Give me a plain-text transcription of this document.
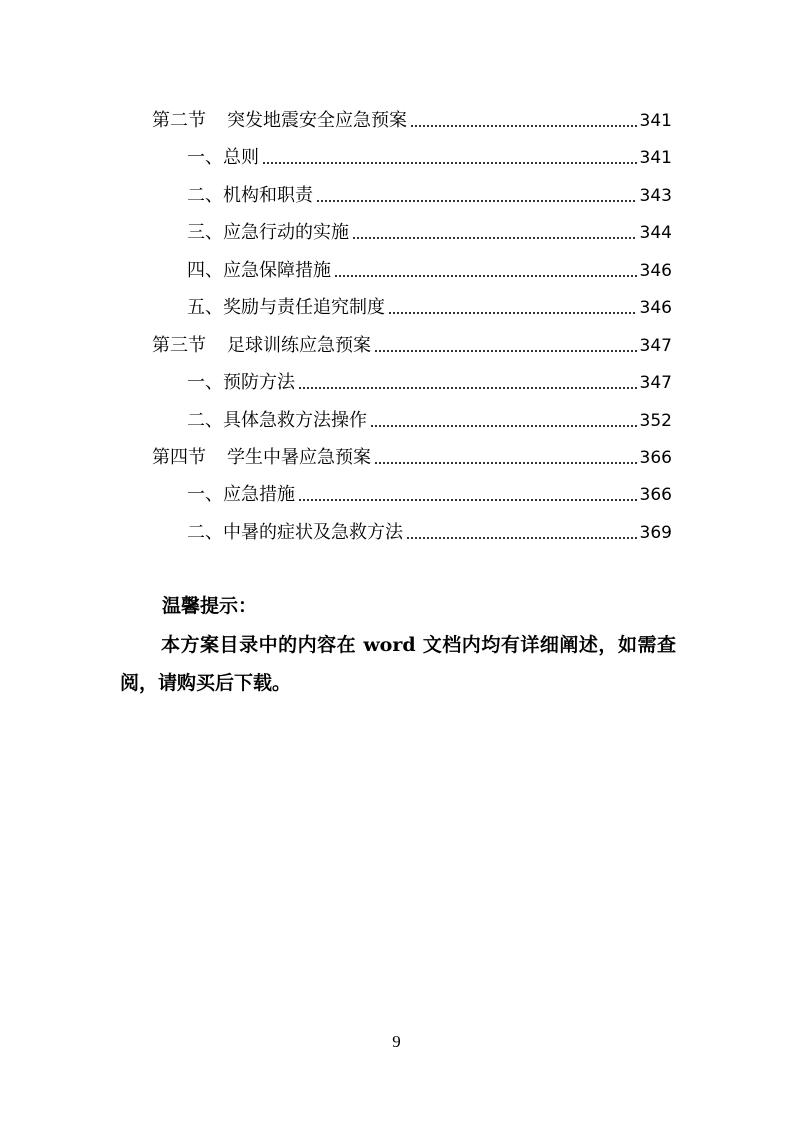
第二节	突发地震安全应急预案	341
一、总则	341
二、机构和职责	343
三、应急行动的实施	344
四、应急保障措施	346
五、奖励与责任追究制度	346
第三节	足球训练应急预案	347
一、预防方法	347
二、具体急救方法操作	352
第四节	学生中暑应急预案	366
一、应急措施	366
二、中暑的症状及急救方法	369
温馨提示：
本方案目录中的内容在 word 文档内均有详细阐述，如需查阅，请购买后下载。
9
